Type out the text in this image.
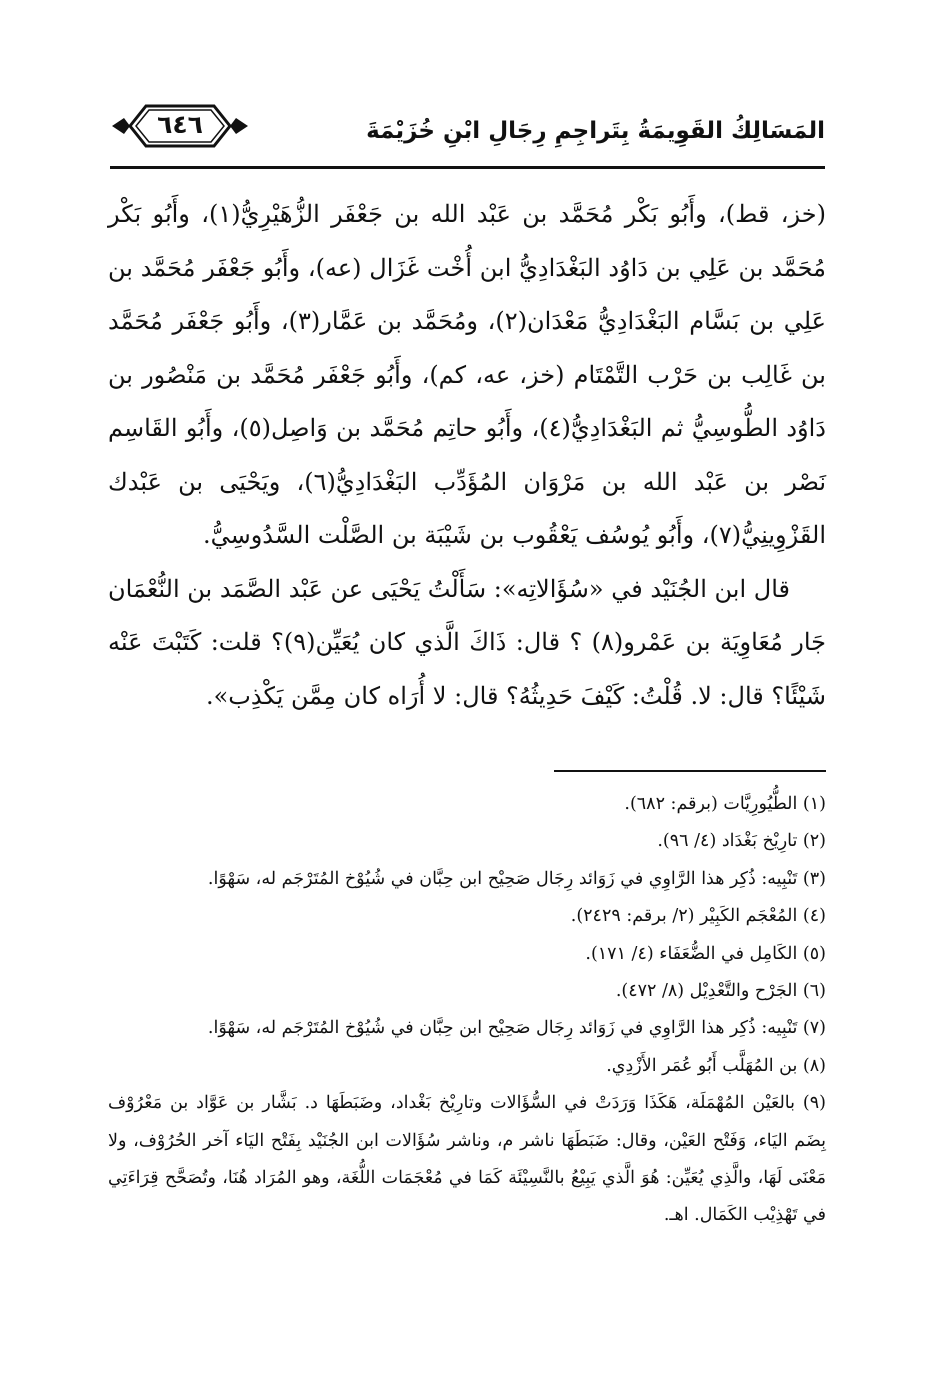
٦٤٦	المَسَالِكُ القَوِيمَةُ بِتَراجِمِ رِجَالِ ابْنِ خُزَيْمَةَ

(خز، قط)، وأَبُو بَكْر مُحَمَّد بن عَبْد الله بن جَعْفَر الزُّهَيْرِيُّ(١)، وأَبُو بَكْر مُحَمَّد بن عَلِي بن دَاوُد البَغْدَادِيُّ ابن أُخْت غَزَال (عه)، وأَبُو جَعْفَر مُحَمَّد بن عَلِي بن بَسَّام البَغْدَادِيُّ مَعْدَان(٢)، ومُحَمَّد بن عَمَّار(٣)، وأَبُو جَعْفَر مُحَمَّد بن غَالِب بن حَرْب التَّمْتَام (خز، عه، كم)، وأَبُو جَعْفَر مُحَمَّد بن مَنْصُور بن دَاوُد الطُّوسِيُّ ثم البَغْدَادِيُّ(٤)، وأَبُو حاتِم مُحَمَّد بن وَاصِل(٥)، وأَبُو القَاسِم نَصْر بن عَبْد الله بن مَرْوَان المُؤَدِّب البَغْدَادِيُّ(٦)، ويَحْيَى بن عَبْدك القَزْوِينِيُّ(٧)، وأَبُو يُوسُف يَعْقُوب بن شَيْبَة بن الصَّلْت السَّدُوسِيُّ.

قال ابن الجُنَيْد في «سُؤَالاتِه»: سَأَلْتُ يَحْيَى عن عَبْد الصَّمَد بن النُّعْمَان جَار مُعَاوِيَة بن عَمْرو(٨) ؟ قال: ذَاكَ الَّذي كان يُعَيِّن(٩)؟ قلت: كَتَبْتَ عَنْه شَيْئًا؟ قال: لا. قُلْتُ: كَيْفَ حَدِيثُهُ؟ قال: لا أُرَاه كان مِمَّن يَكْذِب».

(١) الطُّيُورِيَّات (برقم: ٦٨٢).

(٢) تارِيْخ بَغْدَاد (٤/ ٩٦).

(٣) تَنْبِيه: ذُكِر هذا الرَّاوِي في زَوَائد رِجَال صَحِيْح ابن حِبَّان في شُيُوْخ المُتَرْجَم له، سَهْوًا.

(٤) المُعْجَم الكَبِيْر (٢/ برقم: ٢٤٢٩).

(٥) الكَامِل في الضُّعَفَاء (٤/ ١٧١).

(٦) الجَرْح والتَّعْدِيْل (٨/ ٤٧٢).

(٧) تَنْبِيه: ذُكِر هذا الرَّاوِي في زَوَائد رِجَال صَحِيْح ابن حِبَّان في شُيُوْخ المُتَرْجَم له، سَهْوًا.

(٨) بن المُهَلَّب أَبُو عُمَر الأَزْدِي.

(٩) بالعَيْن المُهْمَلَة، هَكَذَا وَرَدَتْ في السُّؤَالات وتارِيْخ بَغْداد، وضَبَطَهَا د. بَشَّار بن عَوَّاد بن مَعْرُوْف بِضَم اليَاء، وَفَتْح العَيْن، وقال: ضَبَطَهَا ناشر م، وناشر سُؤَالات ابن الجُنَيْد بِفَتْح اليَاء آخر الحُرُوْف، ولا مَعْنَى لَهَا، والَّذِي يُعَيِّن: هُوَ الَّذي يَبِيْعُ بالنَّسِيْئَة كَمَا في مُعْجَمَات اللُّغَة، وهو المُرَاد هُنَا، وتُصَحَّح قِرَاءَتِي في تَهْذِيْب الكَمَال. اهـ.
